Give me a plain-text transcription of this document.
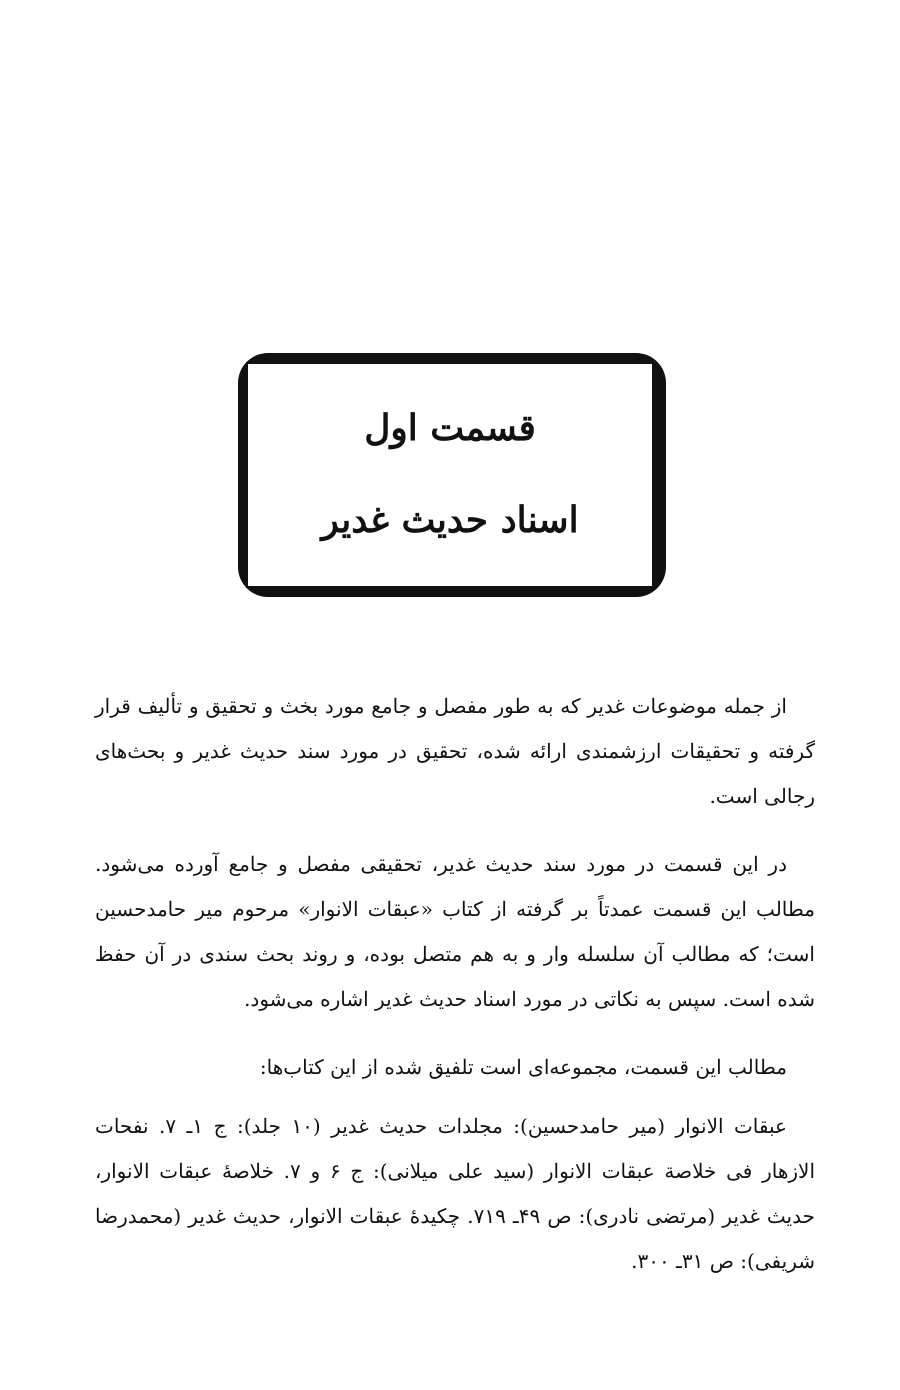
قسمت اول
اسناد حدیث غدیر

از جمله موضوعات غدیر که به طور مفصل و جامع مورد بخث و تحقیق و تألیف قرار گرفته و تحقیقات ارزشمندی ارائه شده، تحقیق در مورد سند حدیث غدیر و بحث‌های رجالی است.

در این قسمت در مورد سند حدیث غدیر، تحقیقی مفصل و جامع آورده می‌شود. مطالب این قسمت عمدتاً بر گرفته از کتاب «عبقات الانوار» مرحوم میر حامدحسین است؛ که مطالب آن سلسله وار و به هم متصل بوده، و روند بحث سندی در آن حفظ شده است. سپس به نکاتی در مورد اسناد حدیث غدیر اشاره می‌شود.

مطالب این قسمت، مجموعه‌ای است تلفیق شده از این کتاب‌ها:

عبقات الانوار (میر حامدحسین): مجلدات حدیث غدیر (۱۰ جلد): ج ۱ـ ۷. نفحات الازهار فی خلاصة عبقات الانوار (سید علی میلانی): ج ۶ و ۷. خلاصهٔ عبقات الانوار، حدیث غدیر (مرتضی نادری): ص ۴۹ـ ۷۱۹. چکیدهٔ عبقات الانوار، حدیث غدیر (محمدرضا شریفی): ص ۳۱ـ ۳۰۰.
